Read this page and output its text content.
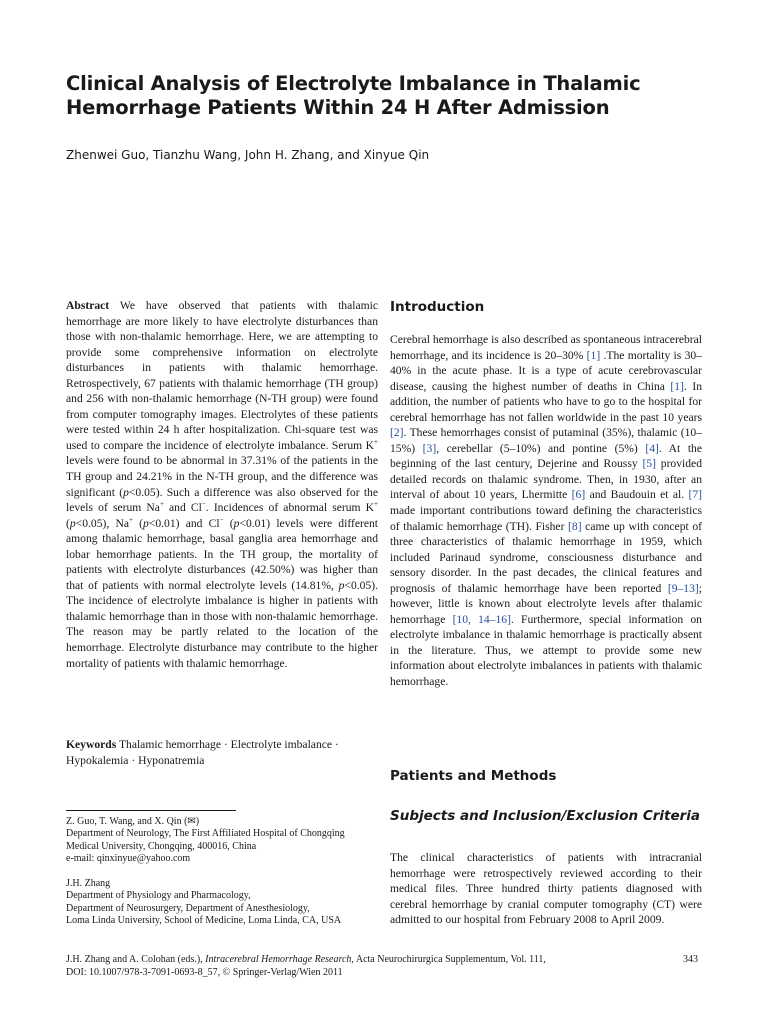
Clinical Analysis of Electrolyte Imbalance in Thalamic
Hemorrhage Patients Within 24 H After Admission
Zhenwei Guo, Tianzhu Wang, John H. Zhang, and Xinyue Qin

Abstract We have observed that patients with thalamic hemorrhage are more likely to have electrolyte disturbances than those with non-thalamic hemorrhage. Here, we are attempting to provide some comprehensive information on electrolyte disturbances in patients with thalamic hemorrhage. Retrospectively, 67 patients with thalamic hemorrhage (TH group) and 256 with non-thalamic hemorrhage (N-TH group) were found from computer tomography images. Electrolytes of these patients were tested within 24 h after hospitalization. Chi-square test was used to compare the incidence of electrolyte imbalance. Serum K+ levels were found to be abnormal in 37.31% of the patients in the TH group and 24.21% in the N-TH group, and the difference was significant (p<0.05). Such a difference was also observed for the levels of serum Na+ and Cl−. Incidences of abnormal serum K+ (p<0.05), Na+ (p<0.01) and Cl− (p<0.01) levels were different among thalamic hemorrhage, basal ganglia area hemorrhage and lobar hemorrhage patients. In the TH group, the mortality of patients with electrolyte disturbances (42.50%) was higher than that of patients with normal electrolyte levels (14.81%, p<0.05). The incidence of electrolyte imbalance is higher in patients with thalamic hemorrhage than in those with non-thalamic hemorrhage. The reason may be partly related to the location of the hemorrhage. Electrolyte disturbance may contribute to the higher mortality of patients with thalamic hemorrhage.

Keywords Thalamic hemorrhage · Electrolyte imbalance · Hypokalemia · Hyponatremia
Z. Guo, T. Wang, and X. Qin (✉)
Department of Neurology, The First Affiliated Hospital of Chongqing
Medical University, Chongqing, 400016, China
e-mail: qinxinyue@yahoo.com
J.H. Zhang
Department of Physiology and Pharmacology,
Department of Neurosurgery, Department of Anesthesiology,
Loma Linda University, School of Medicine, Loma Linda, CA, USA
Introduction

Cerebral hemorrhage is also described as spontaneous intracerebral hemorrhage, and its incidence is 20–30% [1] .The mortality is 30–40% in the acute phase. It is a type of acute cerebrovascular disease, causing the highest number of deaths in China [1]. In addition, the number of patients who have to go to the hospital for cerebral hemorrhage has not fallen worldwide in the past 10 years [2]. These hemorrhages consist of putaminal (35%), thalamic (10–15%) [3], cerebellar (5–10%) and pontine (5%) [4]. At the beginning of the last century, Dejerine and Roussy [5] provided detailed records on thalamic syndrome. Then, in 1930, after an interval of about 10 years, Lhermitte [6] and Baudouin et al. [7] made important contributions toward defining the characteristics of thalamic hemorrhage (TH). Fisher [8] came up with concept of three characteristics of thalamic hemorrhage in 1959, which included Parinaud syndrome, consciousness disturbance and sensory disorder. In the past decades, the clinical features and prognosis of thalamic hemorrhage have been reported [9–13]; however, little is known about electrolyte levels after thalamic hemorrhage [10, 14–16]. Furthermore, special information on electrolyte imbalance in thalamic hemorrhage is practically absent in the literature. Thus, we attempt to provide some new information about electrolyte imbalances in patients with thalamic hemorrhage.

Patients and Methods
Subjects and Inclusion/Exclusion Criteria

The clinical characteristics of patients with intracranial hemorrhage were retrospectively reviewed according to their medical files. Three hundred thirty patients diagnosed with cerebral hemorrhage by cranial computer tomography (CT) were admitted to our hospital from February 2008 to April 2009.

J.H. Zhang and A. Colohan (eds.), Intracerebral Hemorrhage Research, Acta Neurochirurgica Supplementum, Vol. 111,
DOI: 10.1007/978-3-7091-0693-8_57, © Springer-Verlag/Wien 2011
343
